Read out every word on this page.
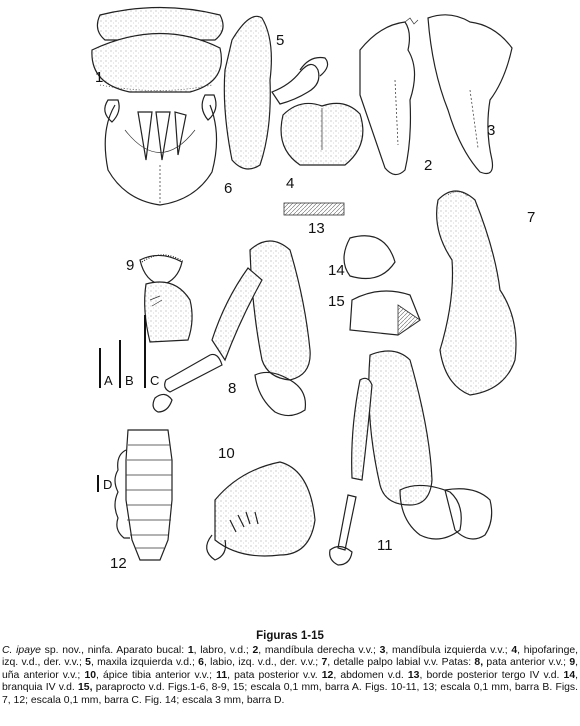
A B C
D
1
2
3
4
5
6
7
8
9
10
11
12
13
14
15
Figuras 1-15
C. ipaye sp. nov., ninfa. Aparato bucal: 1, labro, v.d.; 2, mandíbula derecha v.v.; 3, mandíbula izquierda v.v.; 4, hipofaringe, izq. v.d., der. v.v.; 5, maxila izquierda v.d.; 6, labio, izq. v.d., der. v.v.; 7, detalle palpo labial v.v. Patas: 8, pata anterior v.v.; 9, uña anterior v.v.; 10, ápice tibia anterior v.v.; 11, pata posterior v.v. 12, abdomen v.d. 13, borde posterior tergo IV v.d. 14, branquia IV v.d. 15, paraprocto v.d. Figs.1-6, 8-9, 15; escala 0,1 mm, barra A. Figs. 10-11, 13; escala 0,1 mm, barra B. Figs. 7, 12; escala 0,1 mm, barra C. Fig. 14; escala 3 mm, barra D.
